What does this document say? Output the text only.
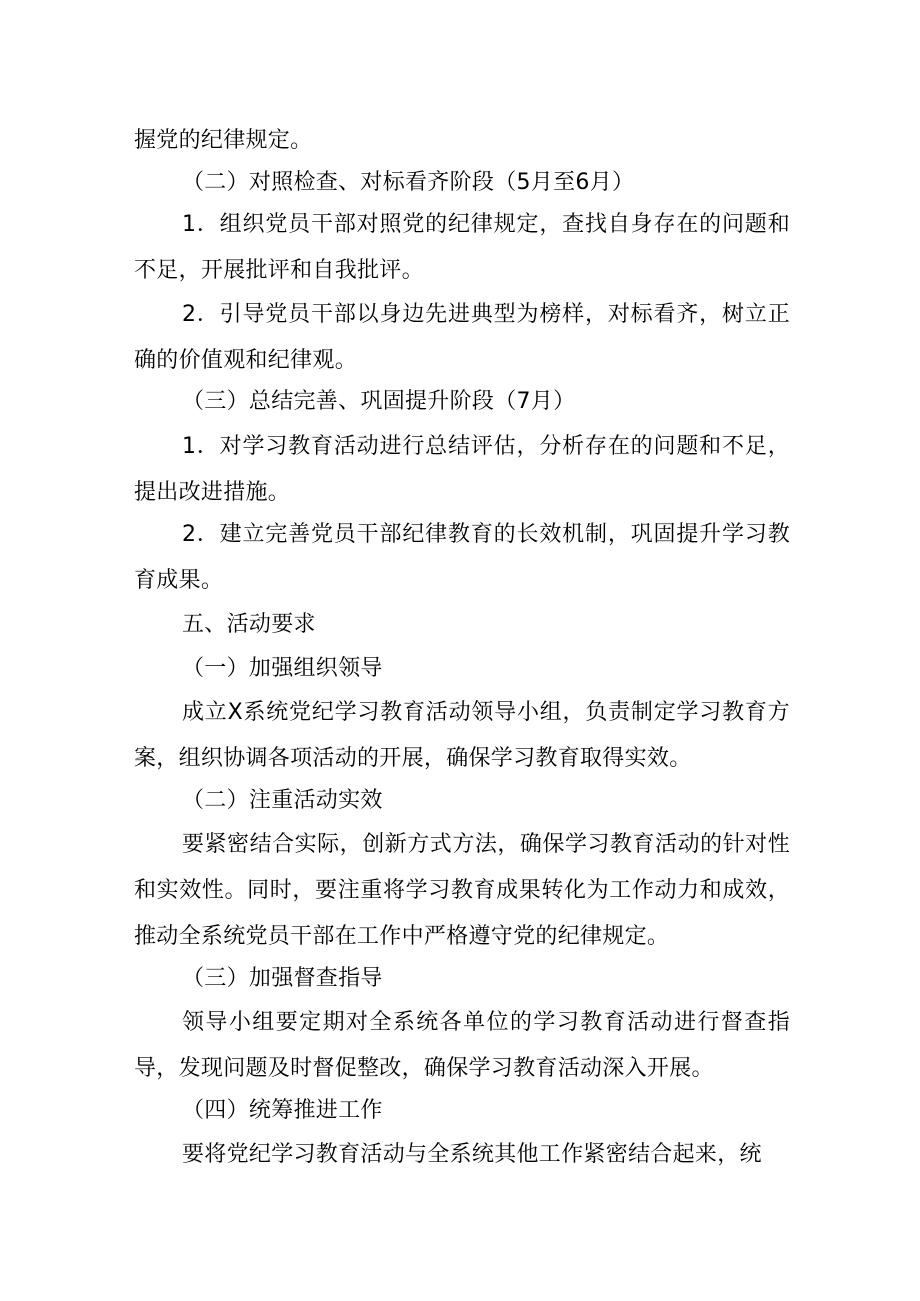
握党的纪律规定。

（二）对照检查、对标看齐阶段（5月至6月）

1．组织党员干部对照党的纪律规定，查找自身存在的问题和不足，开展批评和自我批评。

2．引导党员干部以身边先进典型为榜样，对标看齐，树立正确的价值观和纪律观。

（三）总结完善、巩固提升阶段（7月）

1．对学习教育活动进行总结评估，分析存在的问题和不足，提出改进措施。

2．建立完善党员干部纪律教育的长效机制，巩固提升学习教育成果。

五、活动要求

（一）加强组织领导

成立X系统党纪学习教育活动领导小组，负责制定学习教育方案，组织协调各项活动的开展，确保学习教育取得实效。

（二）注重活动实效

要紧密结合实际，创新方式方法，确保学习教育活动的针对性和实效性。同时，要注重将学习教育成果转化为工作动力和成效，推动全系统党员干部在工作中严格遵守党的纪律规定。

（三）加强督查指导

领导小组要定期对全系统各单位的学习教育活动进行督查指导，发现问题及时督促整改，确保学习教育活动深入开展。

（四）统筹推进工作

要将党纪学习教育活动与全系统其他工作紧密结合起来，统
